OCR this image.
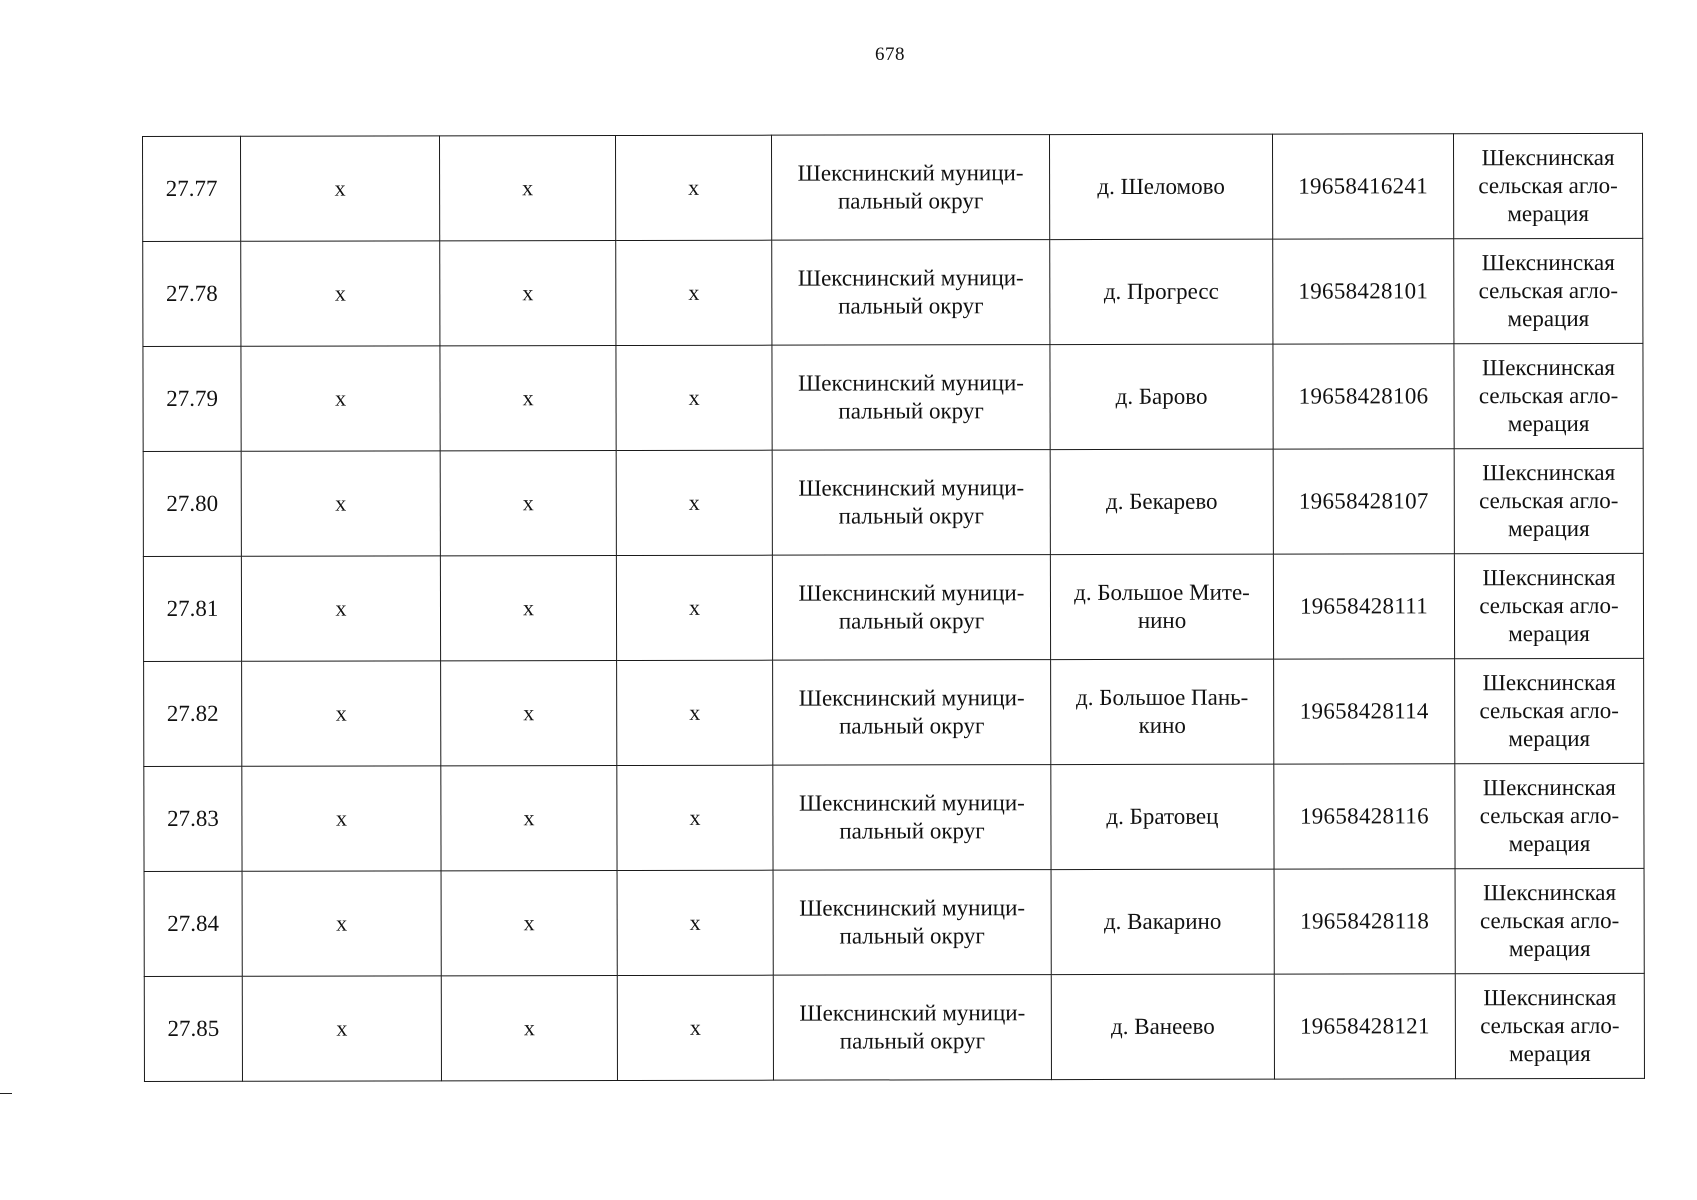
678
27.77	x	x	x	Шекснинский муници-пальный округ	д. Шеломово	19658416241	Шекснинская сельская агло-мерация
27.78	x	x	x	Шекснинский муници-пальный округ	д. Прогресс	19658428101	Шекснинская сельская агло-мерация
27.79	x	x	x	Шекснинский муници-пальный округ	д. Барово	19658428106	Шекснинская сельская агло-мерация
27.80	x	x	x	Шекснинский муници-пальный округ	д. Бекарево	19658428107	Шекснинская сельская агло-мерация
27.81	x	x	x	Шекснинский муници-пальный округ	д. Большое Мите-нино	19658428111	Шекснинская сельская агло-мерация
27.82	x	x	x	Шекснинский муници-пальный округ	д. Большое Пань-кино	19658428114	Шекснинская сельская агло-мерация
27.83	x	x	x	Шекснинский муници-пальный округ	д. Братовец	19658428116	Шекснинская сельская агло-мерация
27.84	x	x	x	Шекснинский муници-пальный округ	д. Вакарино	19658428118	Шекснинская сельская агло-мерация
27.85	x	x	x	Шекснинский муници-пальный округ	д. Ванеево	19658428121	Шекснинская сельская агло-мерация
